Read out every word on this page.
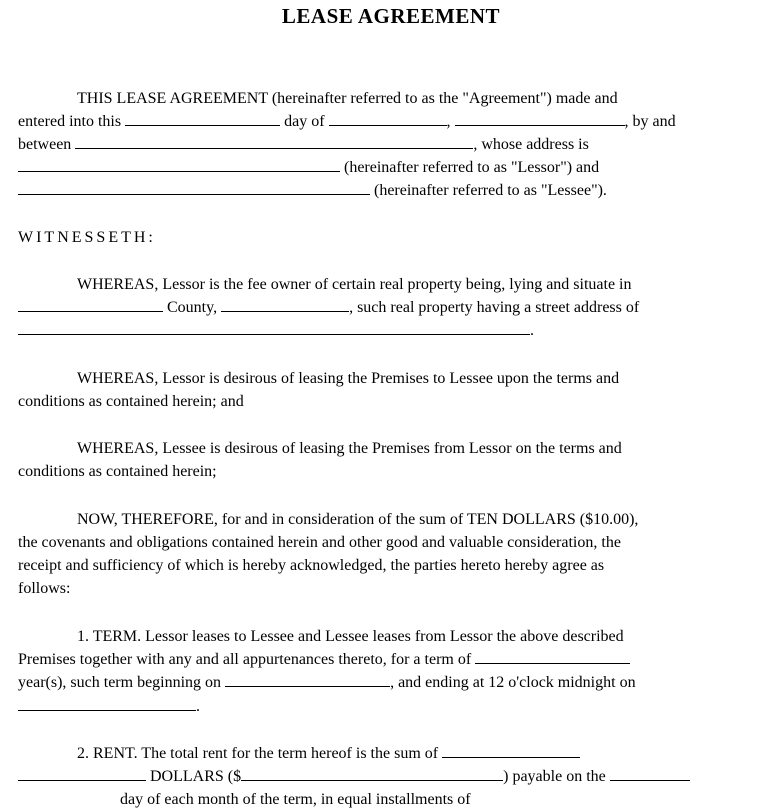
LEASE AGREEMENT
THIS LEASE AGREEMENT (hereinafter referred to as the "Agreement") made and
entered into this	day of	,	, by and
between	, whose address is
(hereinafter referred to as "Lessor") and
(hereinafter referred to as "Lessee").
WITNESSETH:
WHEREAS, Lessor is the fee owner of certain real property being, lying and situate in
County,	, such real property having a street address of
.
WHEREAS, Lessor is desirous of leasing the Premises to Lessee upon the terms and
conditions as contained herein; and
WHEREAS, Lessee is desirous of leasing the Premises from Lessor on the terms and
conditions as contained herein;
NOW, THEREFORE, for and in consideration of the sum of TEN DOLLARS ($10.00),
the covenants and obligations contained herein and other good and valuable consideration, the
receipt and sufficiency of which is hereby acknowledged, the parties hereto hereby agree as
follows:
1. TERM. Lessor leases to Lessee and Lessee leases from Lessor the above described
Premises together with any and all appurtenances thereto, for a term of
year(s), such term beginning on	, and ending at 12 o'clock midnight on
.
2. RENT. The total rent for the term hereof is the sum of
DOLLARS ($	) payable on the
day of each month of the term, in equal installments of
